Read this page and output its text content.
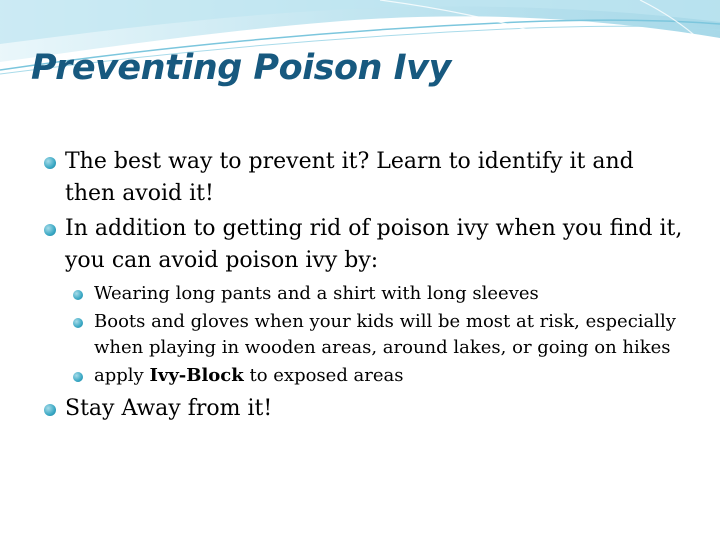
Preventing Poison Ivy
The best way to prevent it? Learn to identify it and then avoid it!
In addition to getting rid of poison ivy when you find it, you can avoid poison ivy by:
Wearing long pants and a shirt with long sleeves
Boots and gloves when your kids will be most at risk, especially when playing in wooden areas, around lakes, or going on hikes
apply Ivy-Block to exposed areas
Stay Away from it!
